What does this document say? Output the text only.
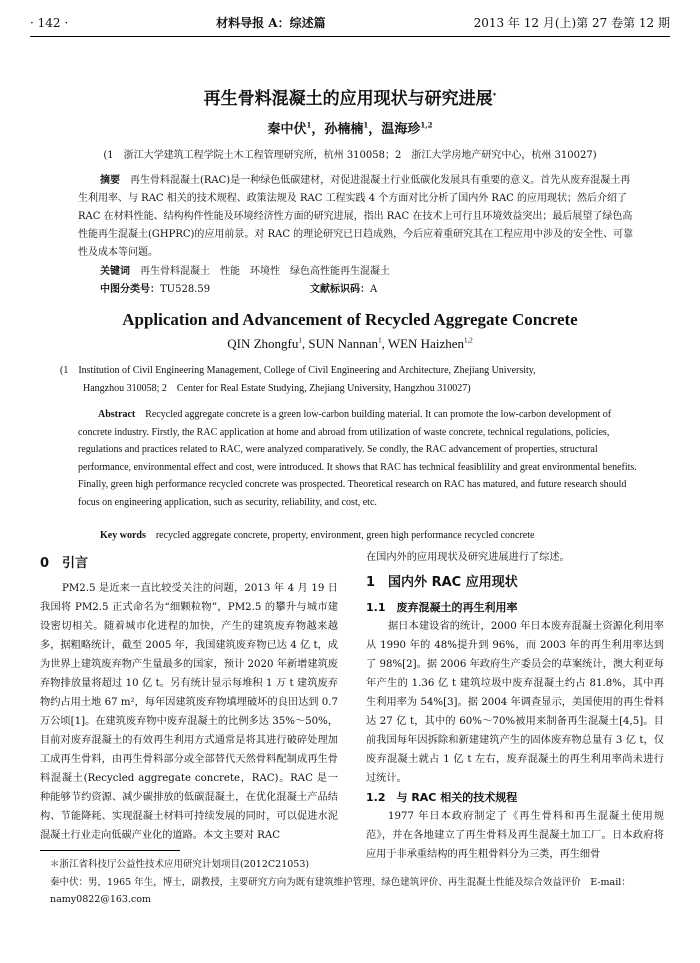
· 142 ·	材料导报 A：综述篇	2013 年 12 月(上)第 27 卷第 12 期
再生骨料混凝土的应用现状与研究进展*
秦中伏$^1$，孙楠楠$^1$，温海珍$^{1,2}$
(1　浙江大学建筑工程学院土木工程管理研究所，杭州 310058；2　浙江大学房地产研究中心，杭州 310027)
摘要　 再生骨料混凝土(RAC)是一种绿色低碳建材，对促进混凝土行业低碳化发展具有重要的意义。首先从废弃混凝土再生利用率、与 RAC 相关的技术规程、政策法规及 RAC 工程实践 4 个方面对比分析了国内外 RAC 的应用现状；然后介绍了 RAC 在材料性能、结构构件性能及环境经济性方面的研究进展，指出 RAC 在技术上可行且环境效益突出；最后展望了绿色高性能再生混凝土(GHPRC)的应用前景。对 RAC 的理论研究已日趋成熟，今后应着重研究其在工程应用中涉及的安全性、可靠性及成本等问题。
关键词　 再生骨料混凝土　性能　环境性　绿色高性能再生混凝土
中图分类号：TU528.59	文献标识码：A
Application and Advancement of Recycled Aggregate Concrete
QIN Zhongfu$^1$, SUN Nannan$^1$, WEN Haizhen$^{1,2}$
(1　Institution of Civil Engineering Management, College of Civil Engineering and Architecture, Zhejiang University,
Hangzhou 310058; 2　Center for Real Estate Studying, Zhejiang University, Hangzhou 310027)
Abstract　 Recycled aggregate concrete is a green low-carbon building material. It can promote the low-carbon development of concrete industry. Firstly, the RAC application at home and abroad from utilization of waste concrete, technical regulations, policies, regulations and practices related to RAC, were analyzed comparatively. Se condly, the RAC advancement of properties, structural performance, environmental effect and cost, were introduced. It shows that RAC has technical feasiblility and great environmental benefits. Finally, green high performance recycled concrete was prospected. Theoretical research on RAC has matured, and future research should focus on engineering application, such as security, reliability, and cost, etc.
Key words　 recycled aggregate concrete, property, environment, green high performance recycled concrete
0　引言

PM2.5 是近来一直比较受关注的问题，2013 年 4 月 19 日我国将 PM2.5 正式命名为“细颗粒物”，PM2.5 的攀升与城市建设密切相关。随着城市化进程的加快，产生的建筑废弃物越来越多，据粗略统计，截至 2005 年，我国建筑废弃物已达 4 亿 t，成为世界上建筑废弃物产生量最多的国家，预计 2020 年新增建筑废弃物排放量将超过 10 亿 t。另有统计显示每堆积 1 万 t 建筑废弃物约占用土地 67 m²，每年因建筑废弃物填埋破坏的良田达到 0.7 万公顷[1]。在建筑废弃物中废弃混凝土的比例多达 35%～50%，目前对废弃混凝土的有效再生利用方式通常是将其进行破碎处理加工成再生骨料，由再生骨料部分或全部替代天然骨料配制成再生骨料混凝土(Recycled aggregate concrete，RAC)。RAC 是一种能够节约资源、减少碳排放的低碳混凝土，在优化混凝土产品结构、节能降耗、实现混凝土材料可持续发展的同时，可以促进水泥混凝土行业走向低碳产业化的道路。本文主要对 RAC

在国内外的应用现状及研究进展进行了综述。

1　国内外 RAC 应用现状
1.1　废弃混凝土的再生利用率

据日本建设省的统计，2000 年日本废弃混凝土资源化利用率从 1990 年的 48%提升到 96%，而 2003 年的再生利用率达到了 98%[2]。据 2006 年政府生产委员会的草案统计，澳大利亚每年产生的 1.36 亿 t 建筑垃圾中废弃混凝土约占 81.8%，其中再生利用率为 54%[3]。据 2004 年调查显示，美国使用的再生骨料达 27 亿 t，其中的 60%～70%被用来制备再生混凝土[4,5]。目前我国每年因拆除和新建建筑产生的固体废弃物总量有 3 亿 t，仅废弃混凝土就占 1 亿 t 左右，废弃混凝土的再生利用率尚未进行过统计。

1.2　与 RAC 相关的技术规程

1977 年日本政府制定了《再生骨料和再生混凝土使用规范》，并在各地建立了再生骨料及再生混凝土加工厂。日本政府将应用于非承重结构的再生粗骨料分为三类，再生细骨

＊浙江省科技厅公益性技术应用研究计划项目(2012C21053)
秦中伏：男，1965 年生，博士，副教授，主要研究方向为既有建筑维护管理、绿色建筑评价、再生混凝土性能及综合效益评价　E-mail：namy0822@163.com
